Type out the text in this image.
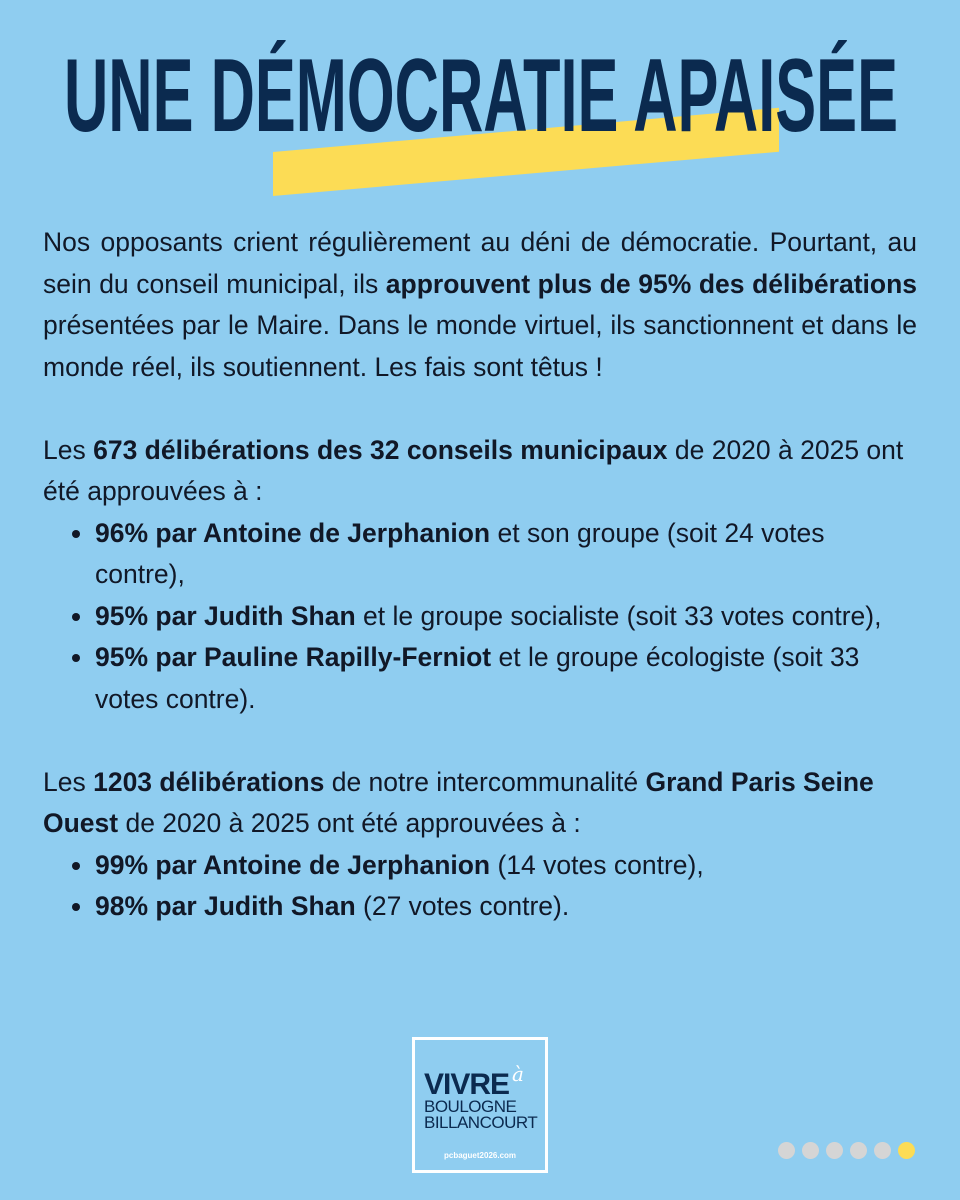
UNE DÉMOCRATIE APAISÉE

Nos opposants crient régulièrement au déni de démocratie. Pourtant, au sein du conseil municipal, ils approuvent plus de 95% des délibérations présentées par le Maire. Dans le monde virtuel, ils sanctionnent et dans le monde réel, ils soutiennent. Les fais sont têtus !

Les 673 délibérations des 32 conseils municipaux de 2020 à 2025 ont été approuvées à :

• 96% par Antoine de Jerphanion et son groupe (soit 24 votes contre),
• 95% par Judith Shan et le groupe socialiste (soit 33 votes contre),
• 95% par Pauline Rapilly-Ferniot et le groupe écologiste (soit 33 votes contre).

Les 1203 délibérations de notre intercommunalité Grand Paris Seine Ouest de 2020 à 2025 ont été approuvées à :

• 99% par Antoine de Jerphanion (14 votes contre),
• 98% par Judith Shan (27 votes contre).
VIVRE à
BOULOGNE
BILLANCOURT
pcbaguet2026.com
